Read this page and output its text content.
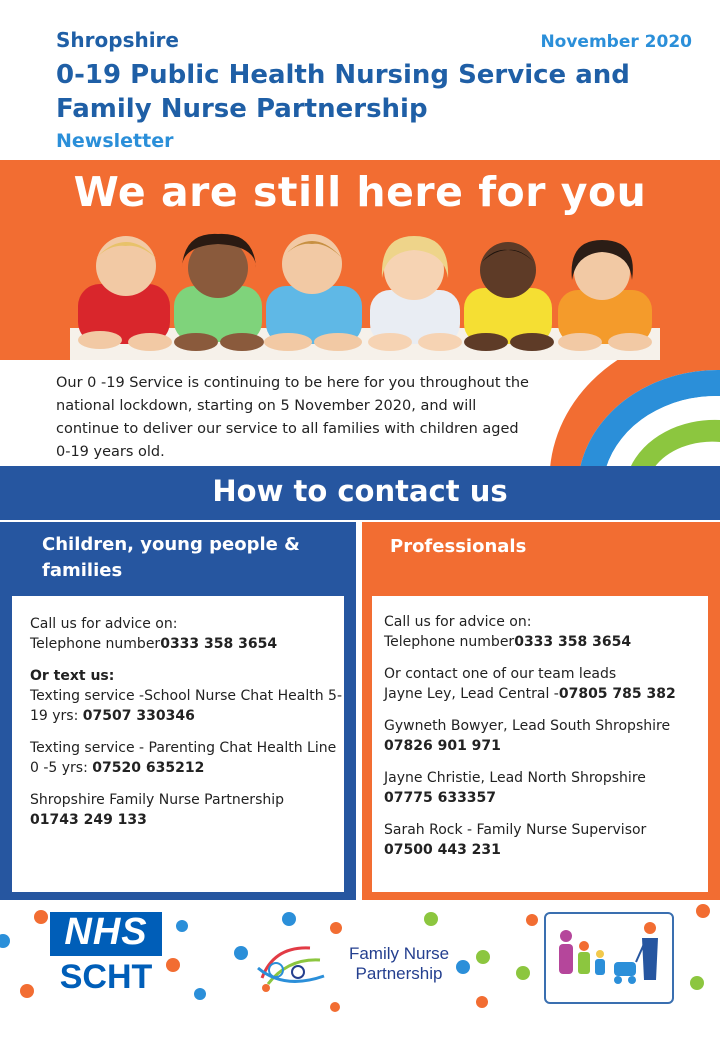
Shropshire	November 2020
0-19 Public Health Nursing Service and Family Nurse Partnership
Newsletter
We are still here for you

Our 0 -19 Service is continuing to be here for you throughout the national lockdown, starting on 5 November 2020, and will continue to deliver our service to all families with children aged 0-19 years old.

How to contact us
Children, young people & families

Call us for advice on:

Telephone number0333 358 3654

Or text us:

Texting service -School Nurse Chat Health 5-19 yrs: 07507 330346

Texting service - Parenting Chat Health Line 0 -5 yrs: 07520 635212

Shropshire Family Nurse Partnership

01743 249 133

Professionals

Call us for advice on:

Telephone number0333 358 3654

Or contact one of our team leads

Jayne Ley, Lead Central -07805 785 382

Gywneth Bowyer, Lead South Shropshire

07826 901 971

Jayne Christie, Lead North Shropshire

07775 633357

Sarah Rock - Family Nurse Supervisor

07500 443 231

NHS
SCHT
Family Nurse
Partnership
